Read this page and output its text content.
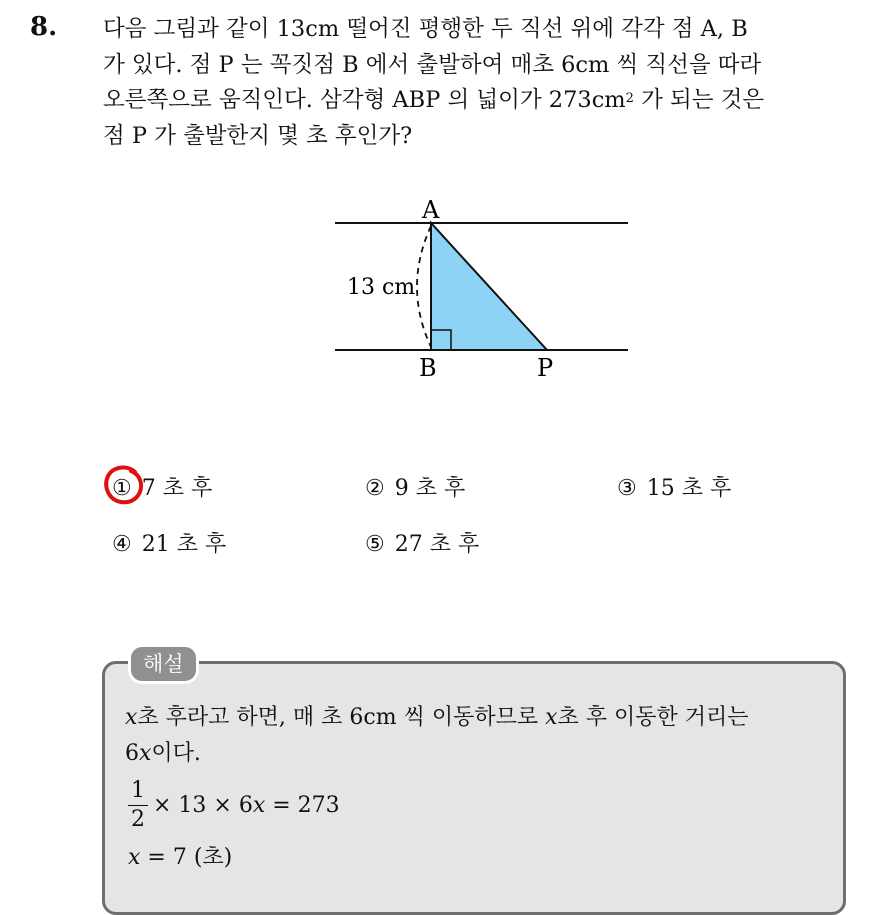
8. 다음 그림과 같이 13cm 떨어진 평행한 두 직선 위에 각각 점 A, B
가 있다. 점 P 는 꼭짓점 B 에서 출발하여 매초 6cm 씩 직선을 따라
오른쪽으로 움직인다. 삼각형 ABP 의 넓이가 $273cm^2$ 가 되는 것은
점 P 가 출발한지 몇 초 후인가?
A
B	P
13 cm
① 7 초 후	② 9 초 후	③ 15 초 후
④ 21 초 후	⑤ 27 초 후
해설
x초 후라고 하면, 매 초 6cm 씩 이동하므로 x초 후 이동한 거리는
6x이다.
1
2
× 13 × 6x = 273
x = 7 (초)
